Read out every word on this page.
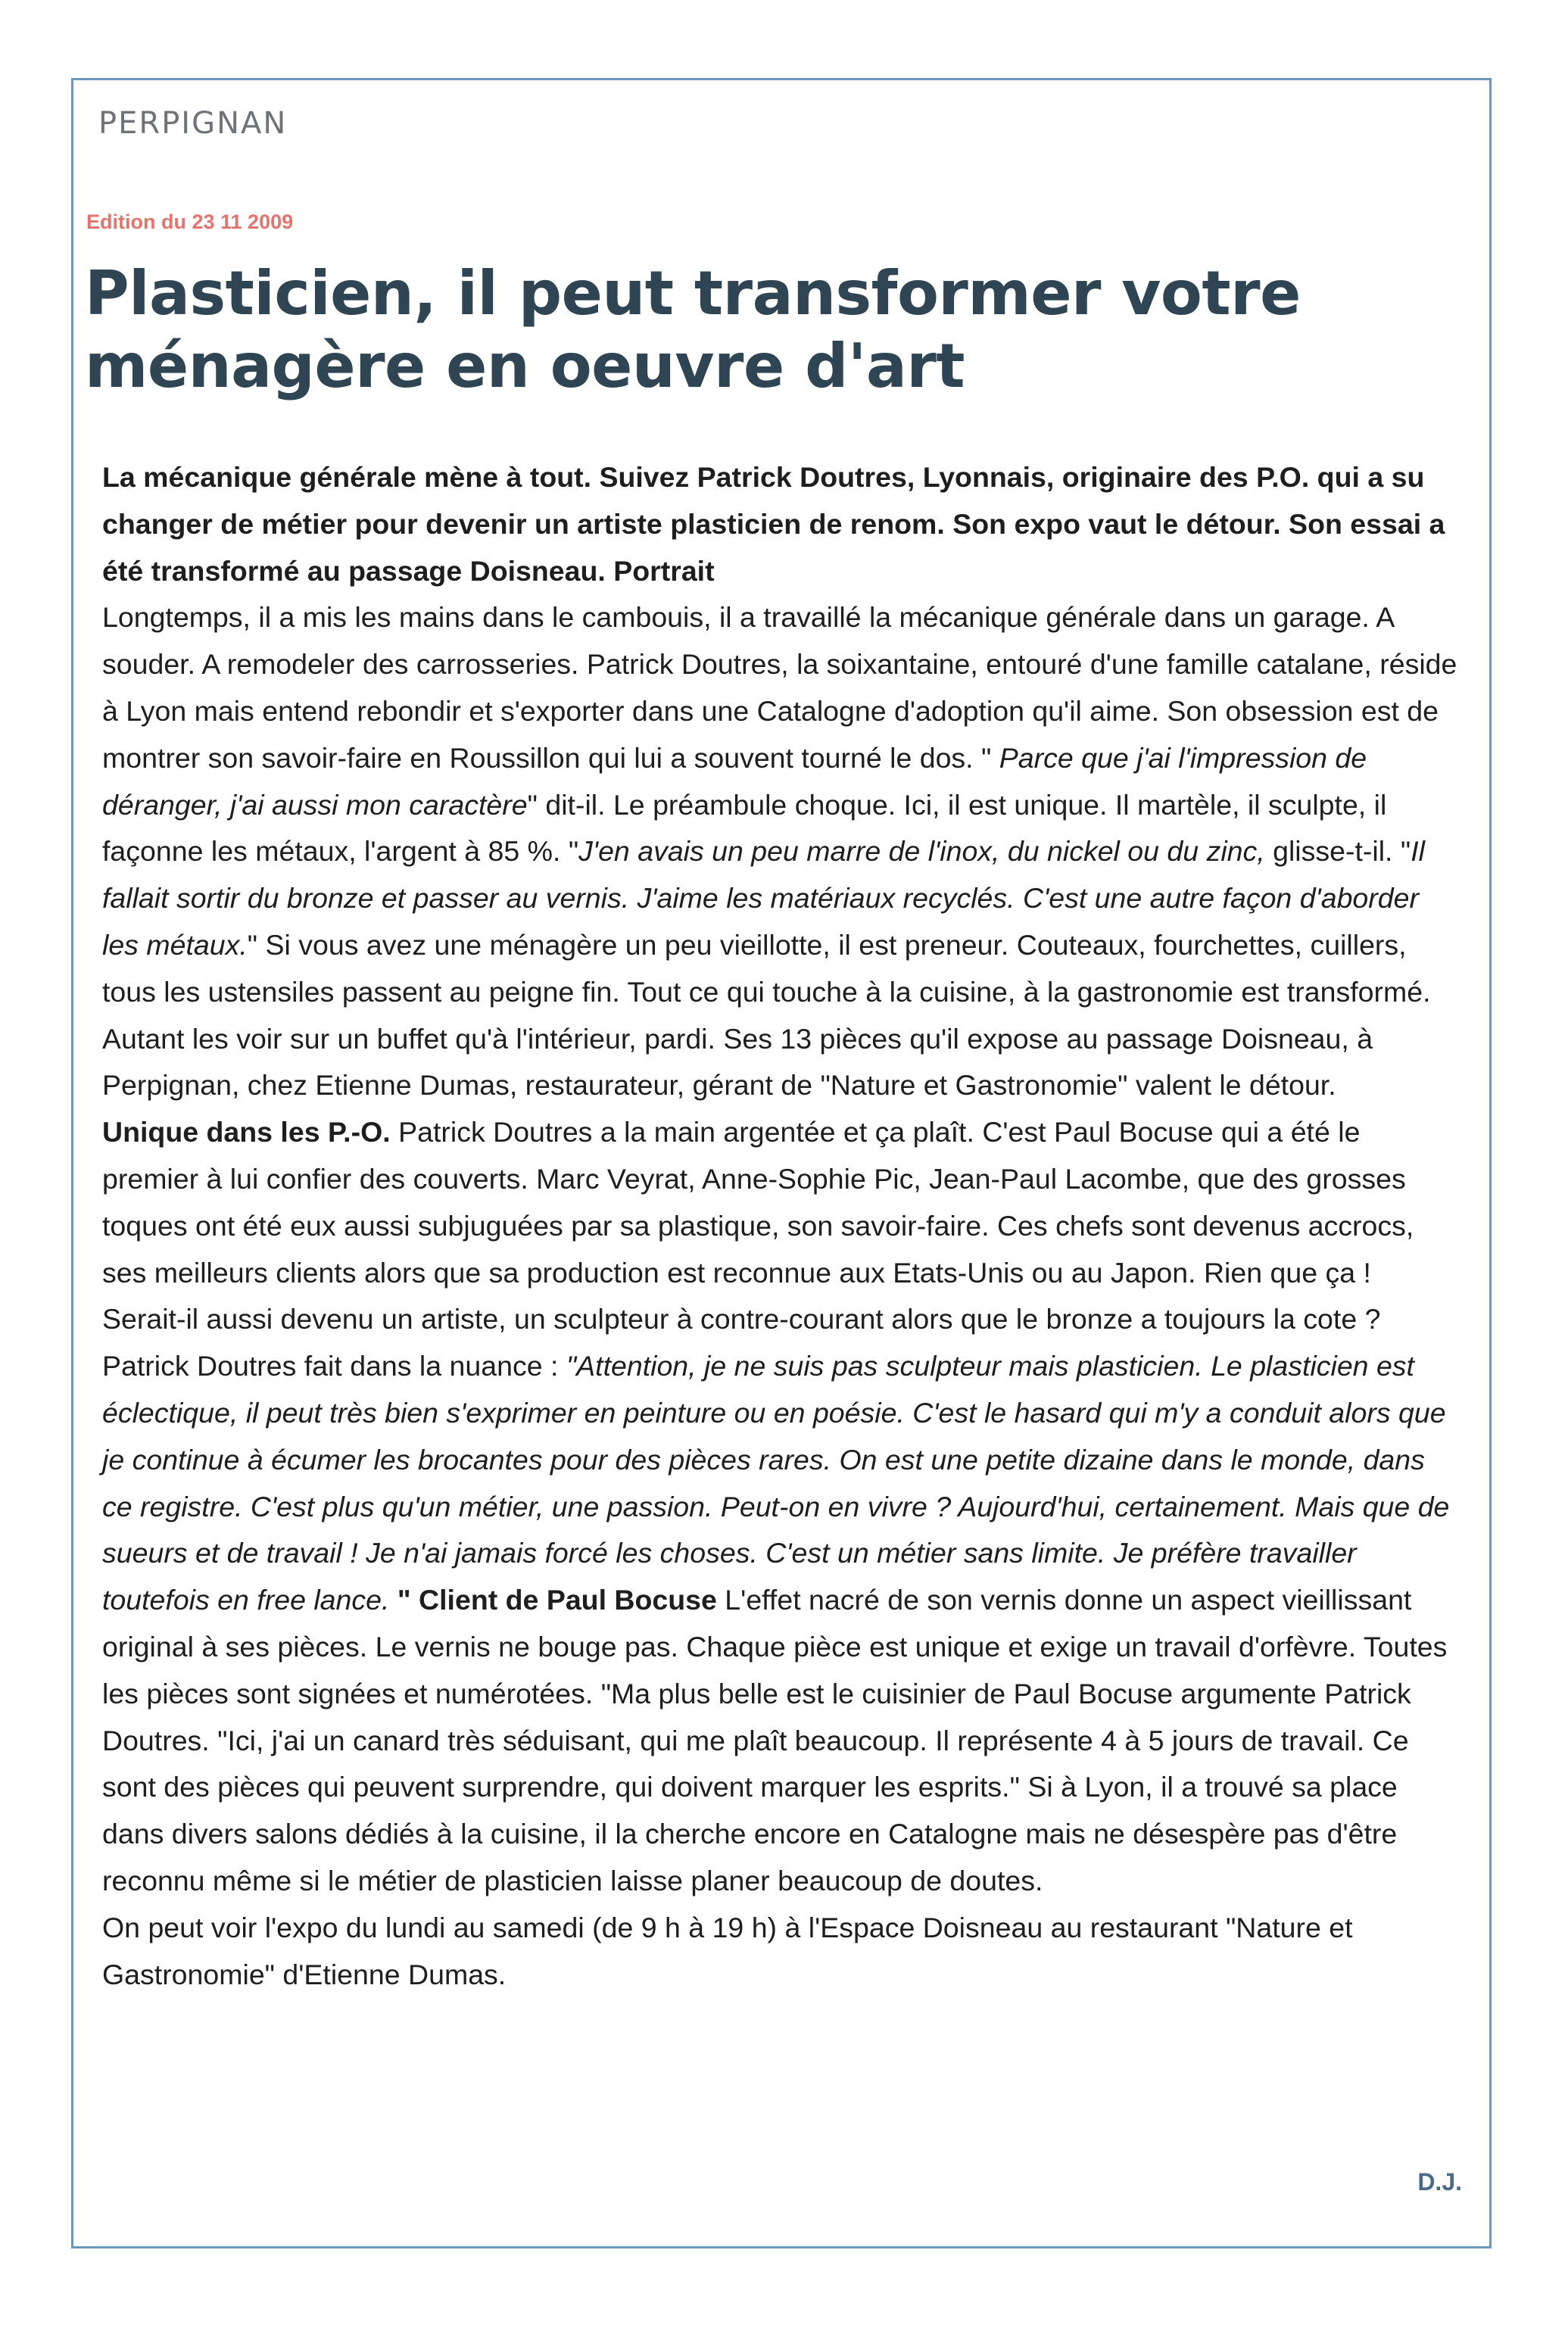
PERPIGNAN
Edition du 23 11 2009
Plasticien, il peut transformer votre ménagère en oeuvre d'art

La mécanique générale mène à tout. Suivez Patrick Doutres, Lyonnais, originaire des P.O. qui a su changer de métier pour devenir un artiste plasticien de renom. Son expo vaut le détour. Son essai a été transformé au passage Doisneau. Portrait

Longtemps, il a mis les mains dans le cambouis, il a travaillé la mécanique générale dans un garage. A souder. A remodeler des carrosseries. Patrick Doutres, la soixantaine, entouré d'une famille catalane, réside à Lyon mais entend rebondir et s'exporter dans une Catalogne d'adoption qu'il aime. Son obsession est de montrer son savoir-faire en Roussillon qui lui a souvent tourné le dos. " Parce que j'ai l'impression de déranger, j'ai aussi mon caractère" dit-il. Le préambule choque. Ici, il est unique. Il martèle, il sculpte, il façonne les métaux, l'argent à 85 %. "J'en avais un peu marre de l'inox, du nickel ou du zinc, glisse-t-il. "Il fallait sortir du bronze et passer au vernis. J'aime les matériaux recyclés. C'est une autre façon d'aborder les métaux." Si vous avez une ménagère un peu vieillotte, il est preneur. Couteaux, fourchettes, cuillers, tous les ustensiles passent au peigne fin. Tout ce qui touche à la cuisine, à la gastronomie est transformé. Autant les voir sur un buffet qu'à l'intérieur, pardi. Ses 13 pièces qu'il expose au passage Doisneau, à Perpignan, chez Etienne Dumas, restaurateur, gérant de "Nature et Gastronomie" valent le détour.

Unique dans les P.-O. Patrick Doutres a la main argentée et ça plaît. C'est Paul Bocuse qui a été le premier à lui confier des couverts. Marc Veyrat, Anne-Sophie Pic, Jean-Paul Lacombe, que des grosses toques ont été eux aussi subjuguées par sa plastique, son savoir-faire. Ces chefs sont devenus accrocs, ses meilleurs clients alors que sa production est reconnue aux Etats-Unis ou au Japon. Rien que ça ! Serait-il aussi devenu un artiste, un sculpteur à contre-courant alors que le bronze a toujours la cote ? Patrick Doutres fait dans la nuance : "Attention, je ne suis pas sculpteur mais plasticien. Le plasticien est éclectique, il peut très bien s'exprimer en peinture ou en poésie. C'est le hasard qui m'y a conduit alors que je continue à écumer les brocantes pour des pièces rares. On est une petite dizaine dans le monde, dans ce registre. C'est plus qu'un métier, une passion. Peut-on en vivre ? Aujourd'hui, certainement. Mais que de sueurs et de travail ! Je n'ai jamais forcé les choses. C'est un métier sans limite. Je préfère travailler toutefois en free lance. " Client de Paul Bocuse L'effet nacré de son vernis donne un aspect vieillissant original à ses pièces. Le vernis ne bouge pas. Chaque pièce est unique et exige un travail d'orfèvre. Toutes les pièces sont signées et numérotées. "Ma plus belle est le cuisinier de Paul Bocuse argumente Patrick Doutres. "Ici, j'ai un canard très séduisant, qui me plaît beaucoup. Il représente 4 à 5 jours de travail. Ce sont des pièces qui peuvent surprendre, qui doivent marquer les esprits." Si à Lyon, il a trouvé sa place dans divers salons dédiés à la cuisine, il la cherche encore en Catalogne mais ne désespère pas d'être reconnu même si le métier de plasticien laisse planer beaucoup de doutes.

On peut voir l'expo du lundi au samedi (de 9 h à 19 h) à l'Espace Doisneau au restaurant "Nature et Gastronomie" d'Etienne Dumas.

D.J.
